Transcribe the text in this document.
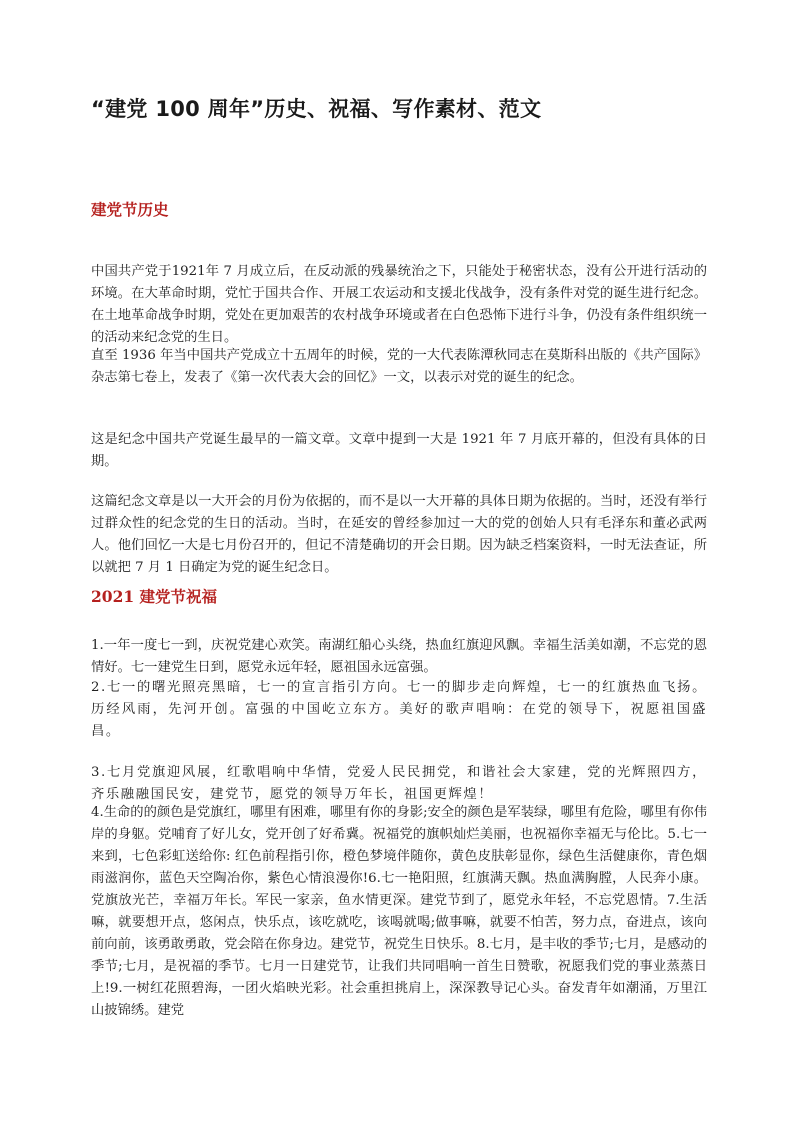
“建党 100 周年”历史、祝福、写作素材、范文
建党节历史

中国共产党于1921年 7 月成立后，在反动派的残暴统治之下，只能处于秘密状态，没有公开进行活动的环境。在大革命时期，党忙于国共合作、开展工农运动和支援北伐战争，没有条件对党的诞生进行纪念。在土地革命战争时期，党处在更加艰苦的农村战争环境或者在白色恐怖下进行斗争，仍没有条件组织统一的活动来纪念党的生日。

直至 1936 年当中国共产党成立十五周年的时候，党的一大代表陈潭秋同志在莫斯科出版的《共产国际》杂志第七卷上，发表了《第一次代表大会的回忆》一文，以表示对党的诞生的纪念。

这是纪念中国共产党诞生最早的一篇文章。文章中提到一大是 1921 年 7 月底开幕的，但没有具体的日期。

这篇纪念文章是以一大开会的月份为依据的，而不是以一大开幕的具体日期为依据的。当时，还没有举行过群众性的纪念党的生日的活动。当时，在延安的曾经参加过一大的党的创始人只有毛泽东和董必武两人。他们回忆一大是七月份召开的，但记不清楚确切的开会日期。因为缺乏档案资料，一时无法查证，所以就把 7 月 1 日确定为党的诞生纪念日。

2021 建党节祝福

1.一年一度七一到，庆祝党建心欢笑。南湖红船心头绕，热血红旗迎风飘。幸福生活美如潮，不忘党的恩情好。七一建党生日到，愿党永远年轻，愿祖国永远富强。

2.七一的曙光照亮黑暗，七一的宣言指引方向。七一的脚步走向辉煌，七一的红旗热血飞扬。历经风雨，先河开创。富强的中国屹立东方。美好的歌声唱响：在党的领导下，祝愿祖国盛昌。

3.七月党旗迎风展，红歌唱响中华情，党爱人民民拥党，和谐社会大家建，党的光辉照四方，齐乐融融国民安，建党节，愿党的领导万年长，祖国更辉煌！

4.生命的的颜色是党旗红，哪里有困难，哪里有你的身影;安全的颜色是军装绿，哪里有危险，哪里有你伟岸的身躯。党哺育了好儿女，党开创了好希冀。祝福党的旗帜灿烂美丽，也祝福你幸福无与伦比。5.七一来到，七色彩虹送给你: 红色前程指引你，橙色梦境伴随你，黄色皮肤彰显你，绿色生活健康你，青色烟雨滋润你，蓝色天空陶冶你，紫色心情浪漫你!6.七一艳阳照，红旗满天飘。热血满胸膛，人民奔小康。党旗放光芒，幸福万年长。军民一家亲，鱼水情更深。建党节到了，愿党永年轻，不忘党恩情。7.生活嘛，就要想开点，悠闲点，快乐点，该吃就吃，该喝就喝;做事嘛，就要不怕苦，努力点，奋进点，该向前向前，该勇敢勇敢，党会陪在你身边。建党节，祝党生日快乐。8.七月，是丰收的季节;七月，是感动的季节;七月，是祝福的季节。七月一日建党节，让我们共同唱响一首生日赞歌，祝愿我们党的事业蒸蒸日上!9.一树红花照碧海，一团火焰映光彩。社会重担挑肩上，深深教导记心头。奋发青年如潮涌，万里江山披锦绣。建党
